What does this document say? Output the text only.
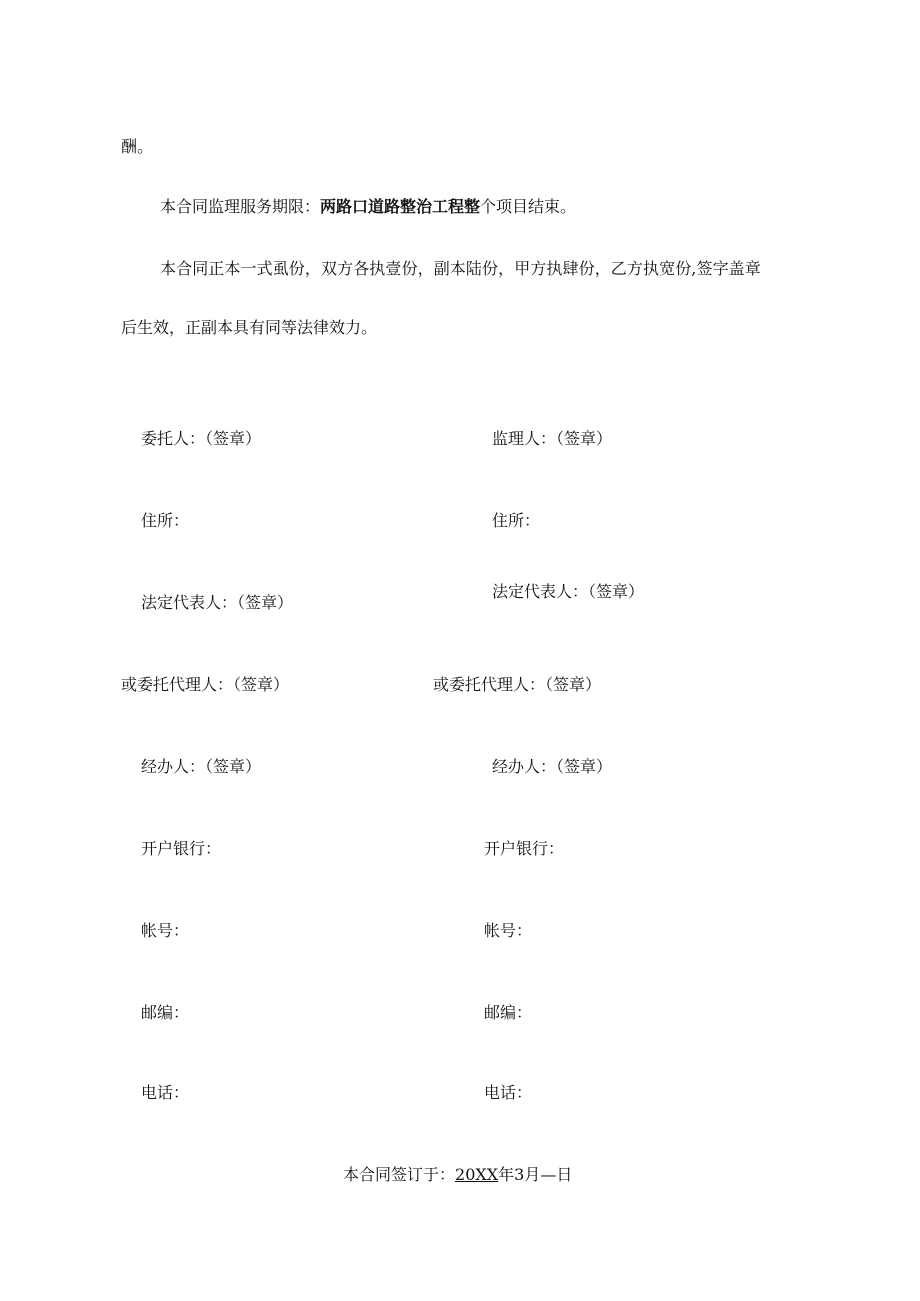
酬。
本合同监理服务期限：两路口道路整治工程整个项目结束。
本合同正本一式虱份，双方各执壹份，副本陆份，甲方执肆份，乙方执宽份,签字盖章
后生效，正副本具有同等法律效力。
委托人：（签章）
住所：
法定代表人：（签章）
或委托代理人：（签章）
经办人：（签章）
开户银行：
帐号：
邮编：
电话：
监理人：（签章）
住所：
法定代表人：（签章）
或委托代理人：（签章）
经办人：（签章）
开户银行：
帐号：
邮编：
电话：
本合同签订于：20XX年3月—日
